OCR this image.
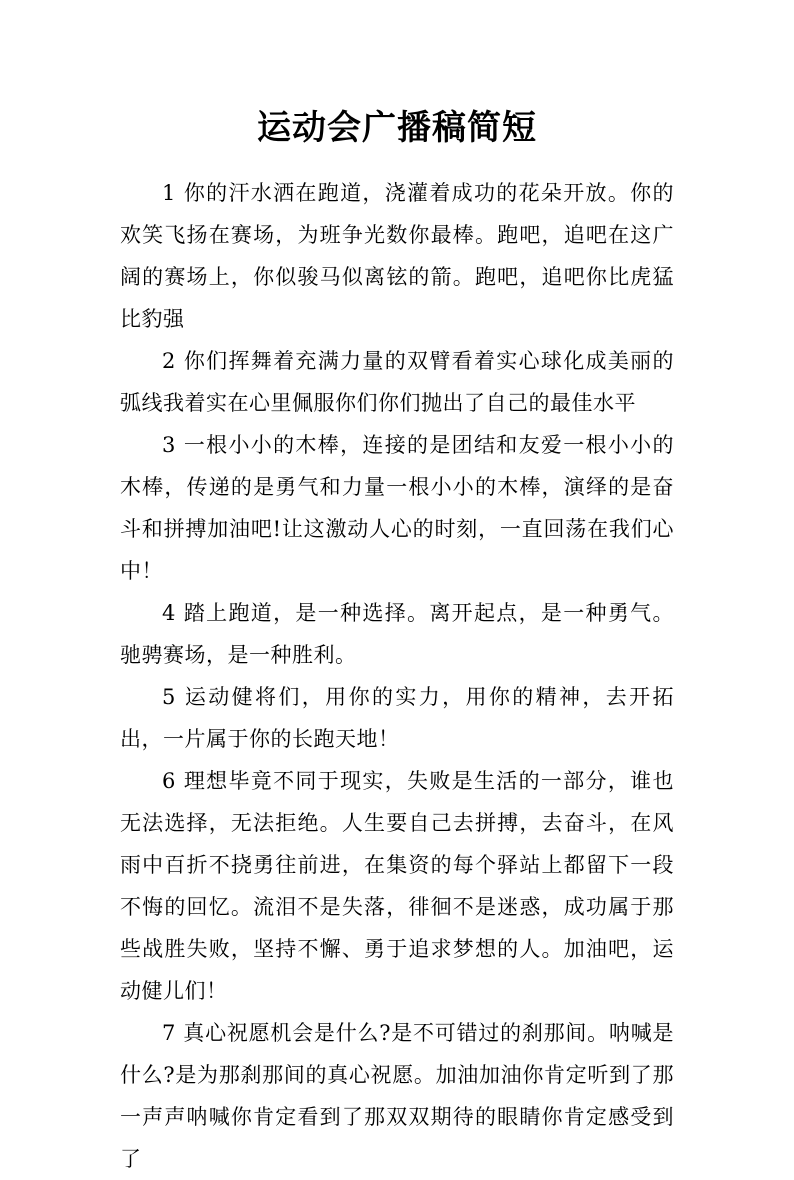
运动会广播稿简短

1 你的汗水洒在跑道，浇灌着成功的花朵开放。你的欢笑飞扬在赛场，为班争光数你最棒。跑吧，追吧在这广阔的赛场上，你似骏马似离铉的箭。跑吧，追吧你比虎猛比豹强

2 你们挥舞着充满力量的双臂看着实心球化成美丽的弧线我着实在心里佩服你们你们抛出了自己的最佳水平

3 一根小小的木棒，连接的是团结和友爱一根小小的木棒，传递的是勇气和力量一根小小的木棒，演绎的是奋斗和拼搏加油吧!让这激动人心的时刻，一直回荡在我们心中！

4 踏上跑道，是一种选择。离开起点，是一种勇气。驰骋赛场，是一种胜利。

5 运动健将们，用你的实力，用你的精神，去开拓出，一片属于你的长跑天地！

6 理想毕竟不同于现实，失败是生活的一部分，谁也无法选择，无法拒绝。人生要自己去拼搏，去奋斗，在风雨中百折不挠勇往前进，在集资的每个驿站上都留下一段不悔的回忆。流泪不是失落，徘徊不是迷惑，成功属于那些战胜失败，坚持不懈、勇于追求梦想的人。加油吧，运动健儿们！

7 真心祝愿机会是什么?是不可错过的刹那间。呐喊是什么?是为那刹那间的真心祝愿。加油加油你肯定听到了那一声声呐喊你肯定看到了那双双期待的眼睛你肯定感受到了
